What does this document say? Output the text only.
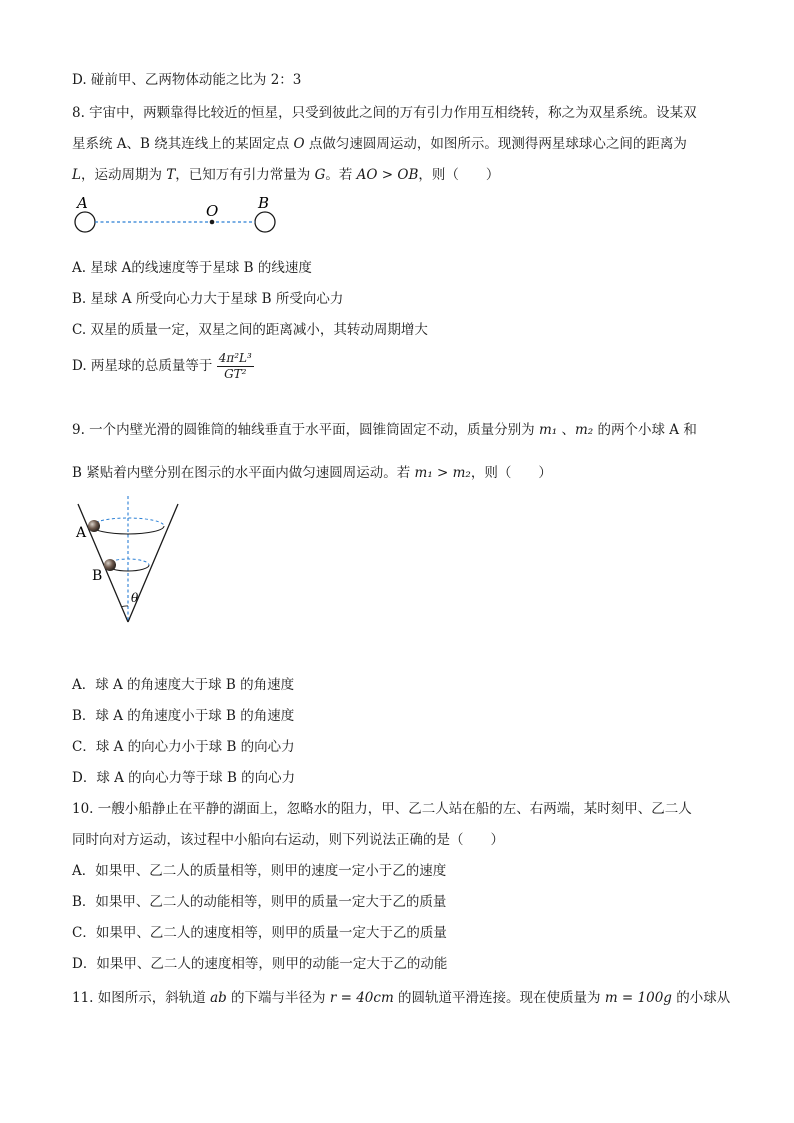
D. 碰前甲、乙两物体动能之比为 2：3
8. 宇宙中，两颗靠得比较近的恒星，只受到彼此之间的万有引力作用互相绕转，称之为双星系统。设某双
星系统 A、B 绕其连线上的某固定点 O 点做匀速圆周运动，如图所示。现测得两星球球心之间的距离为
L，运动周期为 T，已知万有引力常量为 G。若 AO > OB，则（　　）
A	O	B
A. 星球 A的线速度等于星球 B 的线速度
B. 星球 A 所受向心力大于星球 B 所受向心力
C. 双星的质量一定，双星之间的距离减小，其转动周期增大
D. 两星球的总质量等于 $\frac{\text{4π²L³}}{\text{GT²}}$
9. 一个内壁光滑的圆锥筒的轴线垂直于水平面，圆锥筒固定不动，质量分别为 m₁ 、m₂ 的两个小球 A 和
B 紧贴着内壁分别在图示的水平面内做匀速圆周运动。若 m₁ > m₂，则（　　）
A
B
θ
A．球 A 的角速度大于球 B 的角速度
B．球 A 的角速度小于球 B 的角速度
C．球 A 的向心力小于球 B 的向心力
D．球 A 的向心力等于球 B 的向心力
10. 一艘小船静止在平静的湖面上，忽略水的阻力，甲、乙二人站在船的左、右两端，某时刻甲、乙二人
同时向对方运动，该过程中小船向右运动，则下列说法正确的是（　　）
A．如果甲、乙二人的质量相等，则甲的速度一定小于乙的速度
B．如果甲、乙二人的动能相等，则甲的质量一定大于乙的质量
C．如果甲、乙二人的速度相等，则甲的质量一定大于乙的质量
D．如果甲、乙二人的速度相等，则甲的动能一定大于乙的动能
11. 如图所示，斜轨道 ab 的下端与半径为 r = 40cm 的圆轨道平滑连接。现在使质量为 m = 100g 的小球从
